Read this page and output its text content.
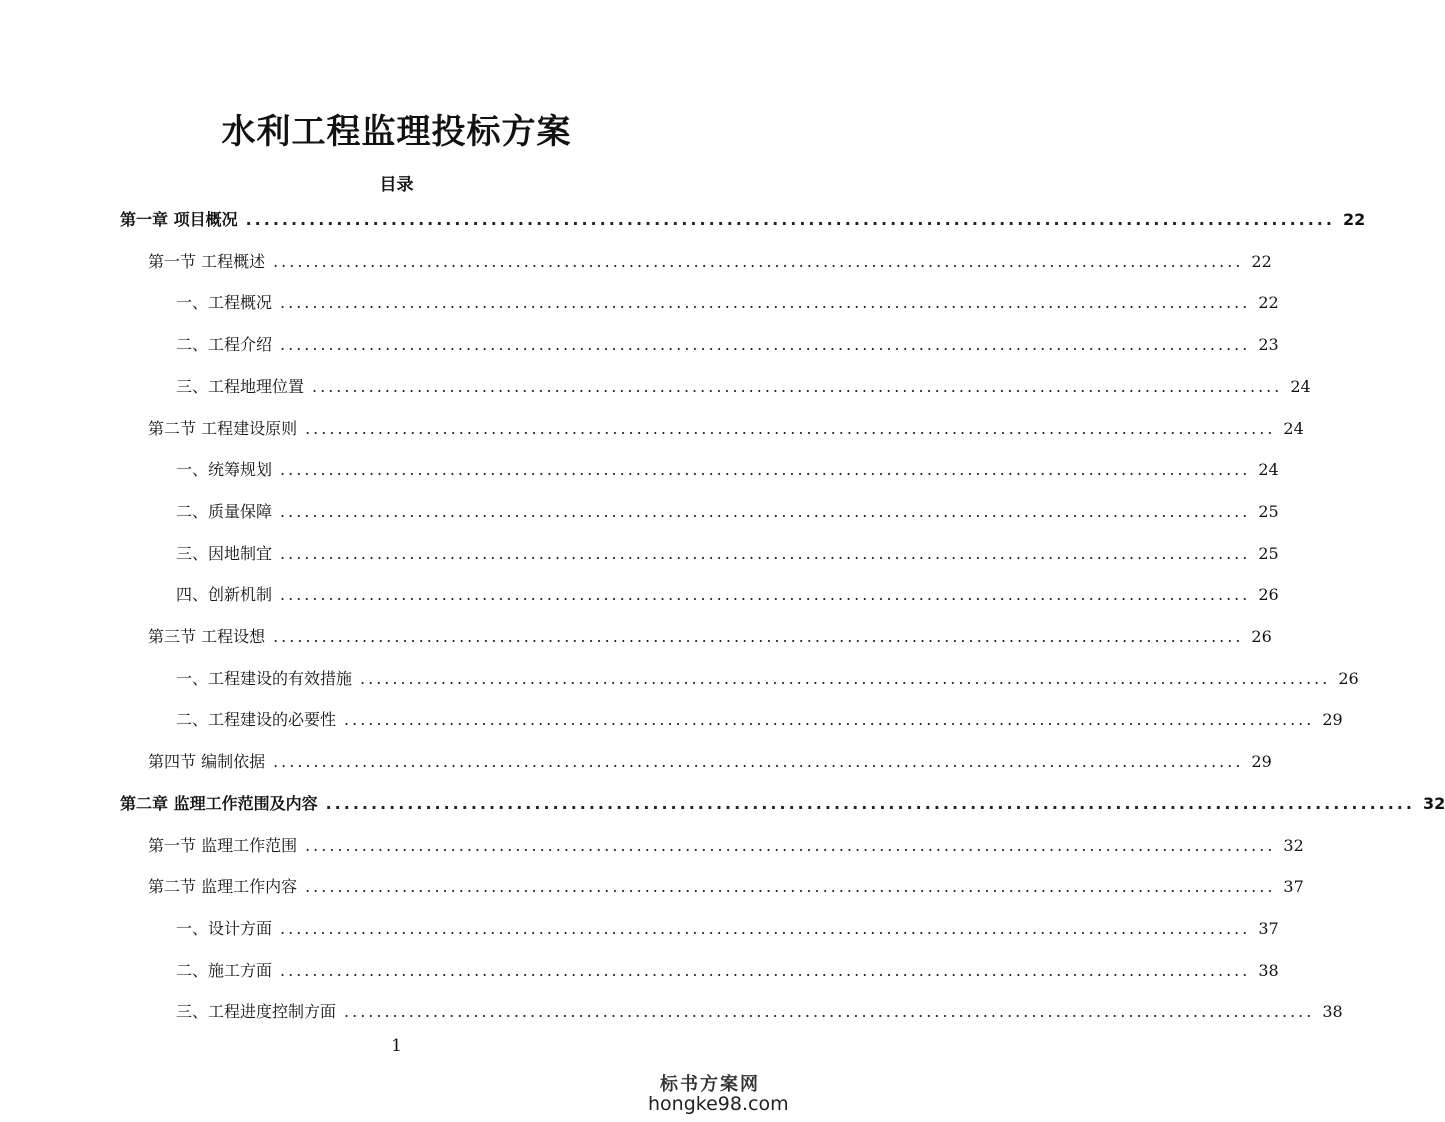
水利工程监理投标方案
目录
第一章 项目概况 ........................................................................................................................ 22
第一节 工程概述 ........................................................................................................................ 22
一、工程概况 ........................................................................................................................ 22
二、工程介绍 ........................................................................................................................ 23
三、工程地理位置 ........................................................................................................................ 24
第二节 工程建设原则 ........................................................................................................................ 24
一、统筹规划 ........................................................................................................................ 24
二、质量保障 ........................................................................................................................ 25
三、因地制宜 ........................................................................................................................ 25
四、创新机制 ........................................................................................................................ 26
第三节 工程设想 ........................................................................................................................ 26
一、工程建设的有效措施 ........................................................................................................................ 26
二、工程建设的必要性 ........................................................................................................................ 29
第四节 编制依据 ........................................................................................................................ 29
第二章 监理工作范围及内容 ........................................................................................................................ 32
第一节 监理工作范围 ........................................................................................................................ 32
第二节 监理工作内容 ........................................................................................................................ 37
一、设计方面 ........................................................................................................................ 37
二、施工方面 ........................................................................................................................ 38
三、工程进度控制方面 ........................................................................................................................ 38
1
标书方案网
hongke98.com
